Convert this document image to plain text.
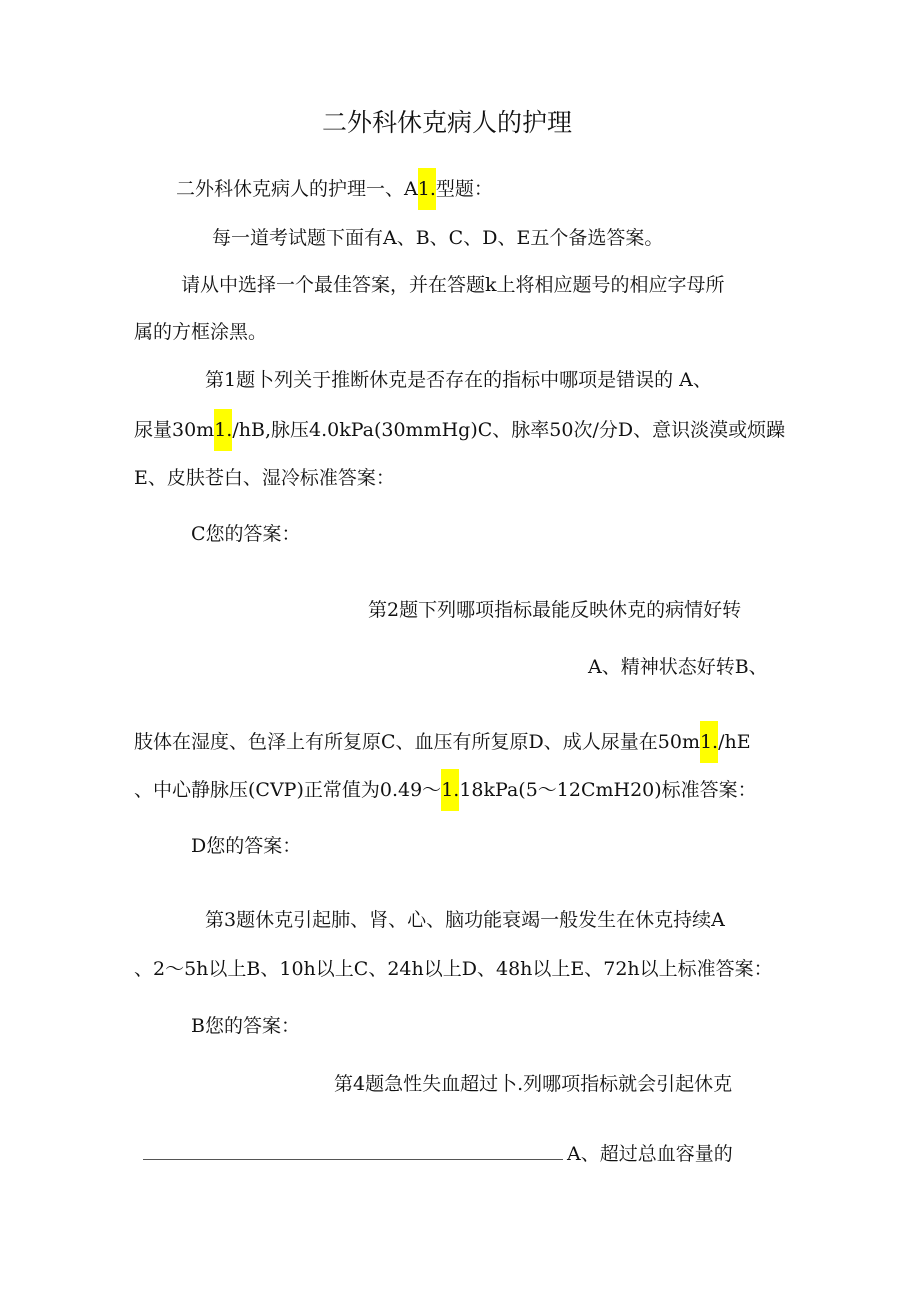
二外科休克病人的护理
二外科休克病人的护理一、A1.型题：
每一道考试题下面有A、B、C、D、E五个备选答案。
请从中选择一个最佳答案，并在答题k上将相应题号的相应字母所
属的方框涂黑。
第1题卜列关于推断休克是否存在的指标中哪项是错误的 A、
尿量30m1./hB,脉压4.0kPa(30mmHg)C、脉率50次/分D、意识淡漠或烦躁
E、皮肤苍白、湿冷标准答案：
C您的答案：
第2题下列哪项指标最能反映休克的病情好转
A、精神状态好转B、
肢体在湿度、色泽上有所复原C、血压有所复原D、成人尿量在50m1./hE
、中心静脉压(CVP)正常值为0.49～1.18kPa(5～12CmH20)标准答案：
D您的答案：
第3题休克引起肺、肾、心、脑功能衰竭一般发生在休克持续A
、2～5h以上B、10h以上C、24h以上D、48h以上E、72h以上标准答案：
B您的答案：
第4题急性失血超过卜.列哪项指标就会引起休克
A、超过总血容量的
